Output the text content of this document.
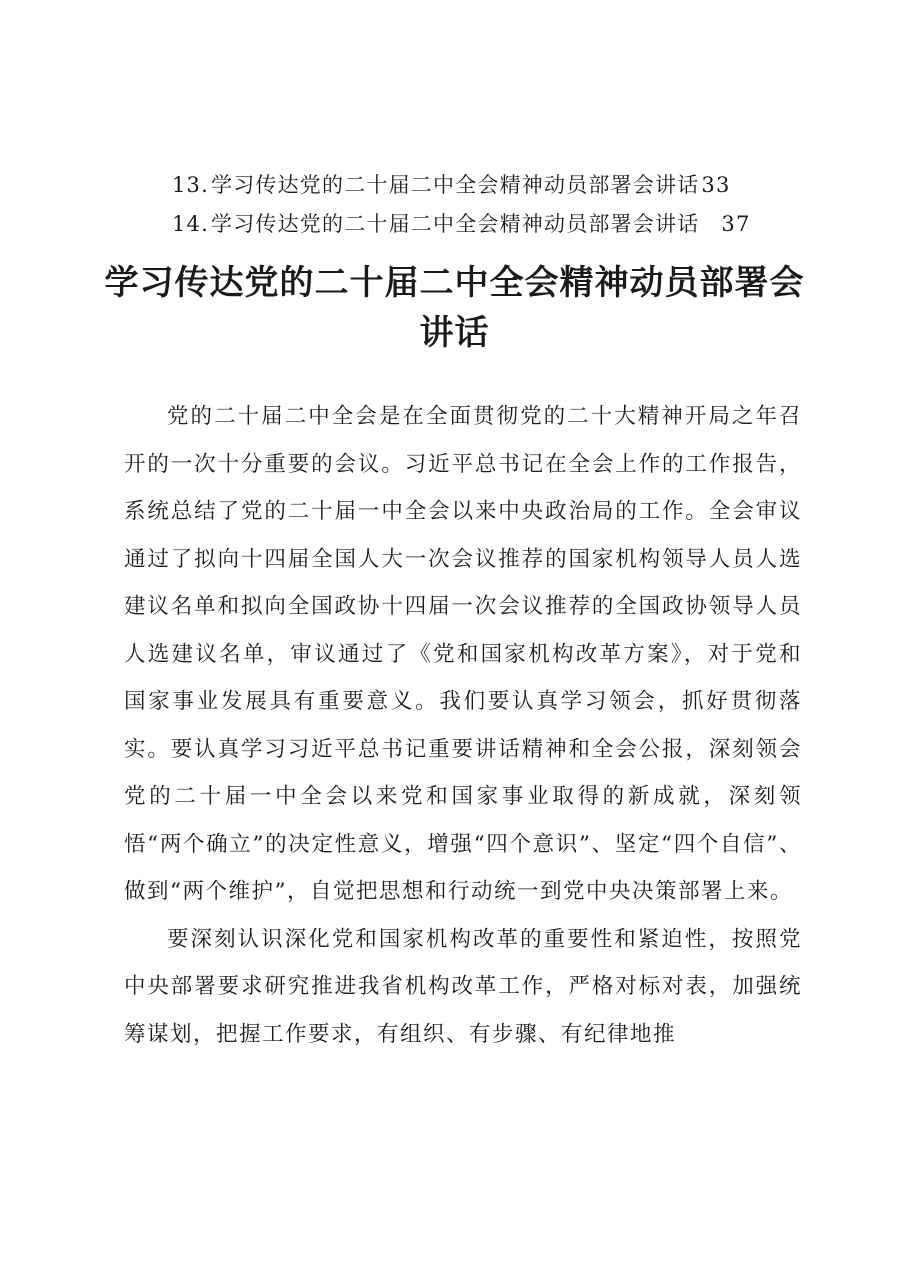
13. 学习传达党的二十届二中全会精神动员部署会讲话 33
14. 学习传达党的二十届二中全会精神动员部署会讲话 37
学习传达党的二十届二中全会精神动员部署会讲话

党的二十届二中全会是在全面贯彻党的二十大精神开局之年召开的一次十分重要的会议。习近平总书记在全会上作的工作报告，系统总结了党的二十届一中全会以来中央政治局的工作。全会审议通过了拟向十四届全国人大一次会议推荐的国家机构领导人员人选建议名单和拟向全国政协十四届一次会议推荐的全国政协领导人员人选建议名单，审议通过了《党和国家机构改革方案》，对于党和国家事业发展具有重要意义。我们要认真学习领会，抓好贯彻落实。要认真学习习近平总书记重要讲话精神和全会公报，深刻领会党的二十届一中全会以来党和国家事业取得的新成就，深刻领悟“两个确立”的决定性意义，增强“四个意识”、坚定“四个自信”、做到“两个维护”，自觉把思想和行动统一到党中央决策部署上来。

要深刻认识深化党和国家机构改革的重要性和紧迫性，按照党中央部署要求研究推进我省机构改革工作，严格对标对表，加强统筹谋划，把握工作要求，有组织、有步骤、有纪律地推
